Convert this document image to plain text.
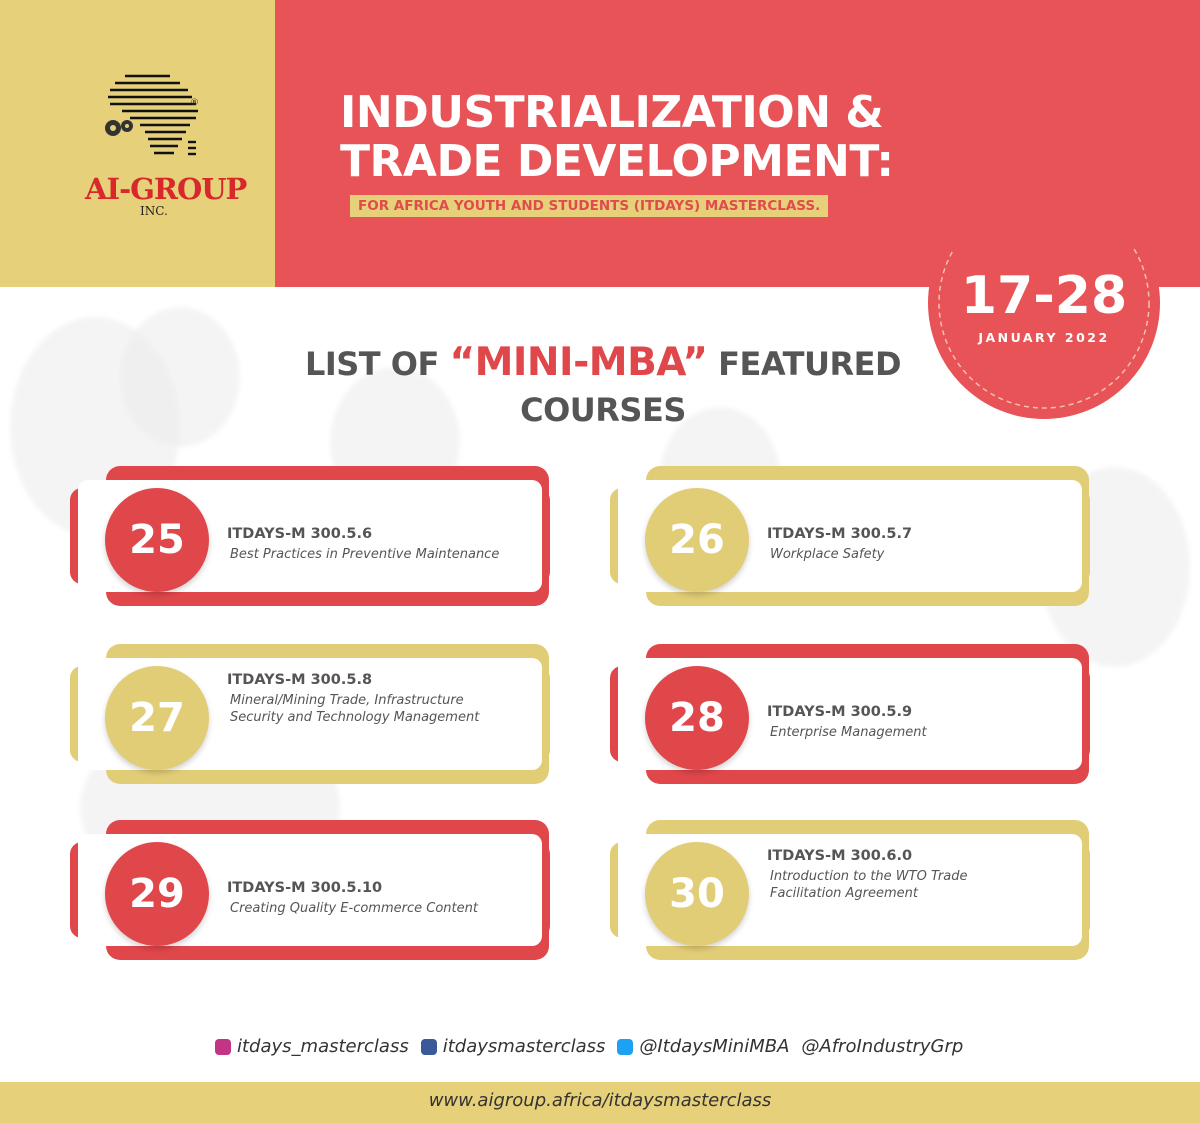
®
AI-GROUP
INC.
INDUSTRIALIZATION &
TRADE DEVELOPMENT:
FOR AFRICA YOUTH AND STUDENTS (ITDAYS) MASTERCLASS.
17-28
JANUARY 2022
LIST OF “MINI-MBA” FEATURED
COURSES
25	ITDAYS-M 300.5.6
Best Practices in Preventive Maintenance	26	ITDAYS-M 300.5.7
Workplace Safety

27
ITDAYS-M 300.5.8
Mineral/Mining Trade, Infrastructure
Security and Technology Management	28	ITDAYS-M 300.5.9
Enterprise Management

29	ITDAYS-M 300.5.10
Creating Quality E-commerce Content	30
ITDAYS-M 300.6.0
Introduction to the WTO Trade
Facilitation Agreement
itdays_masterclass itdaysmasterclass @ItdaysMiniMBA @AfroIndustryGrp
www.aigroup.africa/itdaysmasterclass
